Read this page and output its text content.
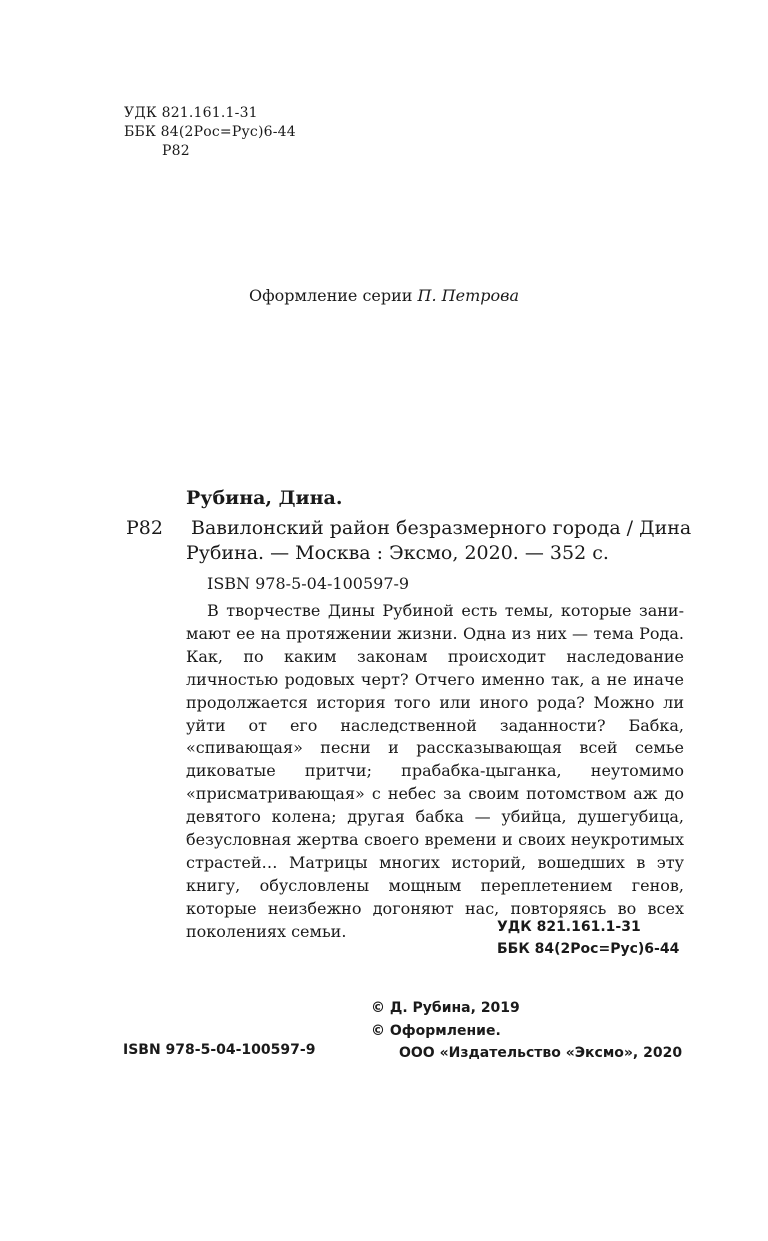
УДК 821.161.1-31
ББК 84(2Рос=Рус)6-44
Р82
Оформление серии П. Петрова
Рубина, Дина.
Р82 Вавилонский район безразмерного города / Дина
Рубина. — Москва : Эксмо, 2020. — 352 с.
ISBN 978-5-04-100597-9
В творчестве Дины Рубиной есть темы, которые занимают ее на протяжении жизни. Одна из них — тема Рода. Как, по каким законам происходит наследование личностью родовых черт? Отчего именно так, а не иначе продолжается история того или иного рода? Можно ли уйти от его наследственной заданности? Бабка, «спивающая» песни и рассказывающая всей семье диковатые притчи; прабабка-цыганка, неутомимо «присматривающая» с небес за своим потомством аж до девятого колена; другая бабка — убийца, душегубица, безусловная жертва своего времени и своих неукротимых страстей… Матрицы многих историй, вошедших в эту книгу, обусловлены мощным переплетением генов, которые неизбежно догоняют нас, повторяясь во всех поколениях семьи.	УДК 821.161.1-31
ББК 84(2Рос=Рус)6-44
© Д. Рубина, 2019
© Оформление.
ООО «Издательство «Эксмо», 2020
ISBN 978-5-04-100597-9
